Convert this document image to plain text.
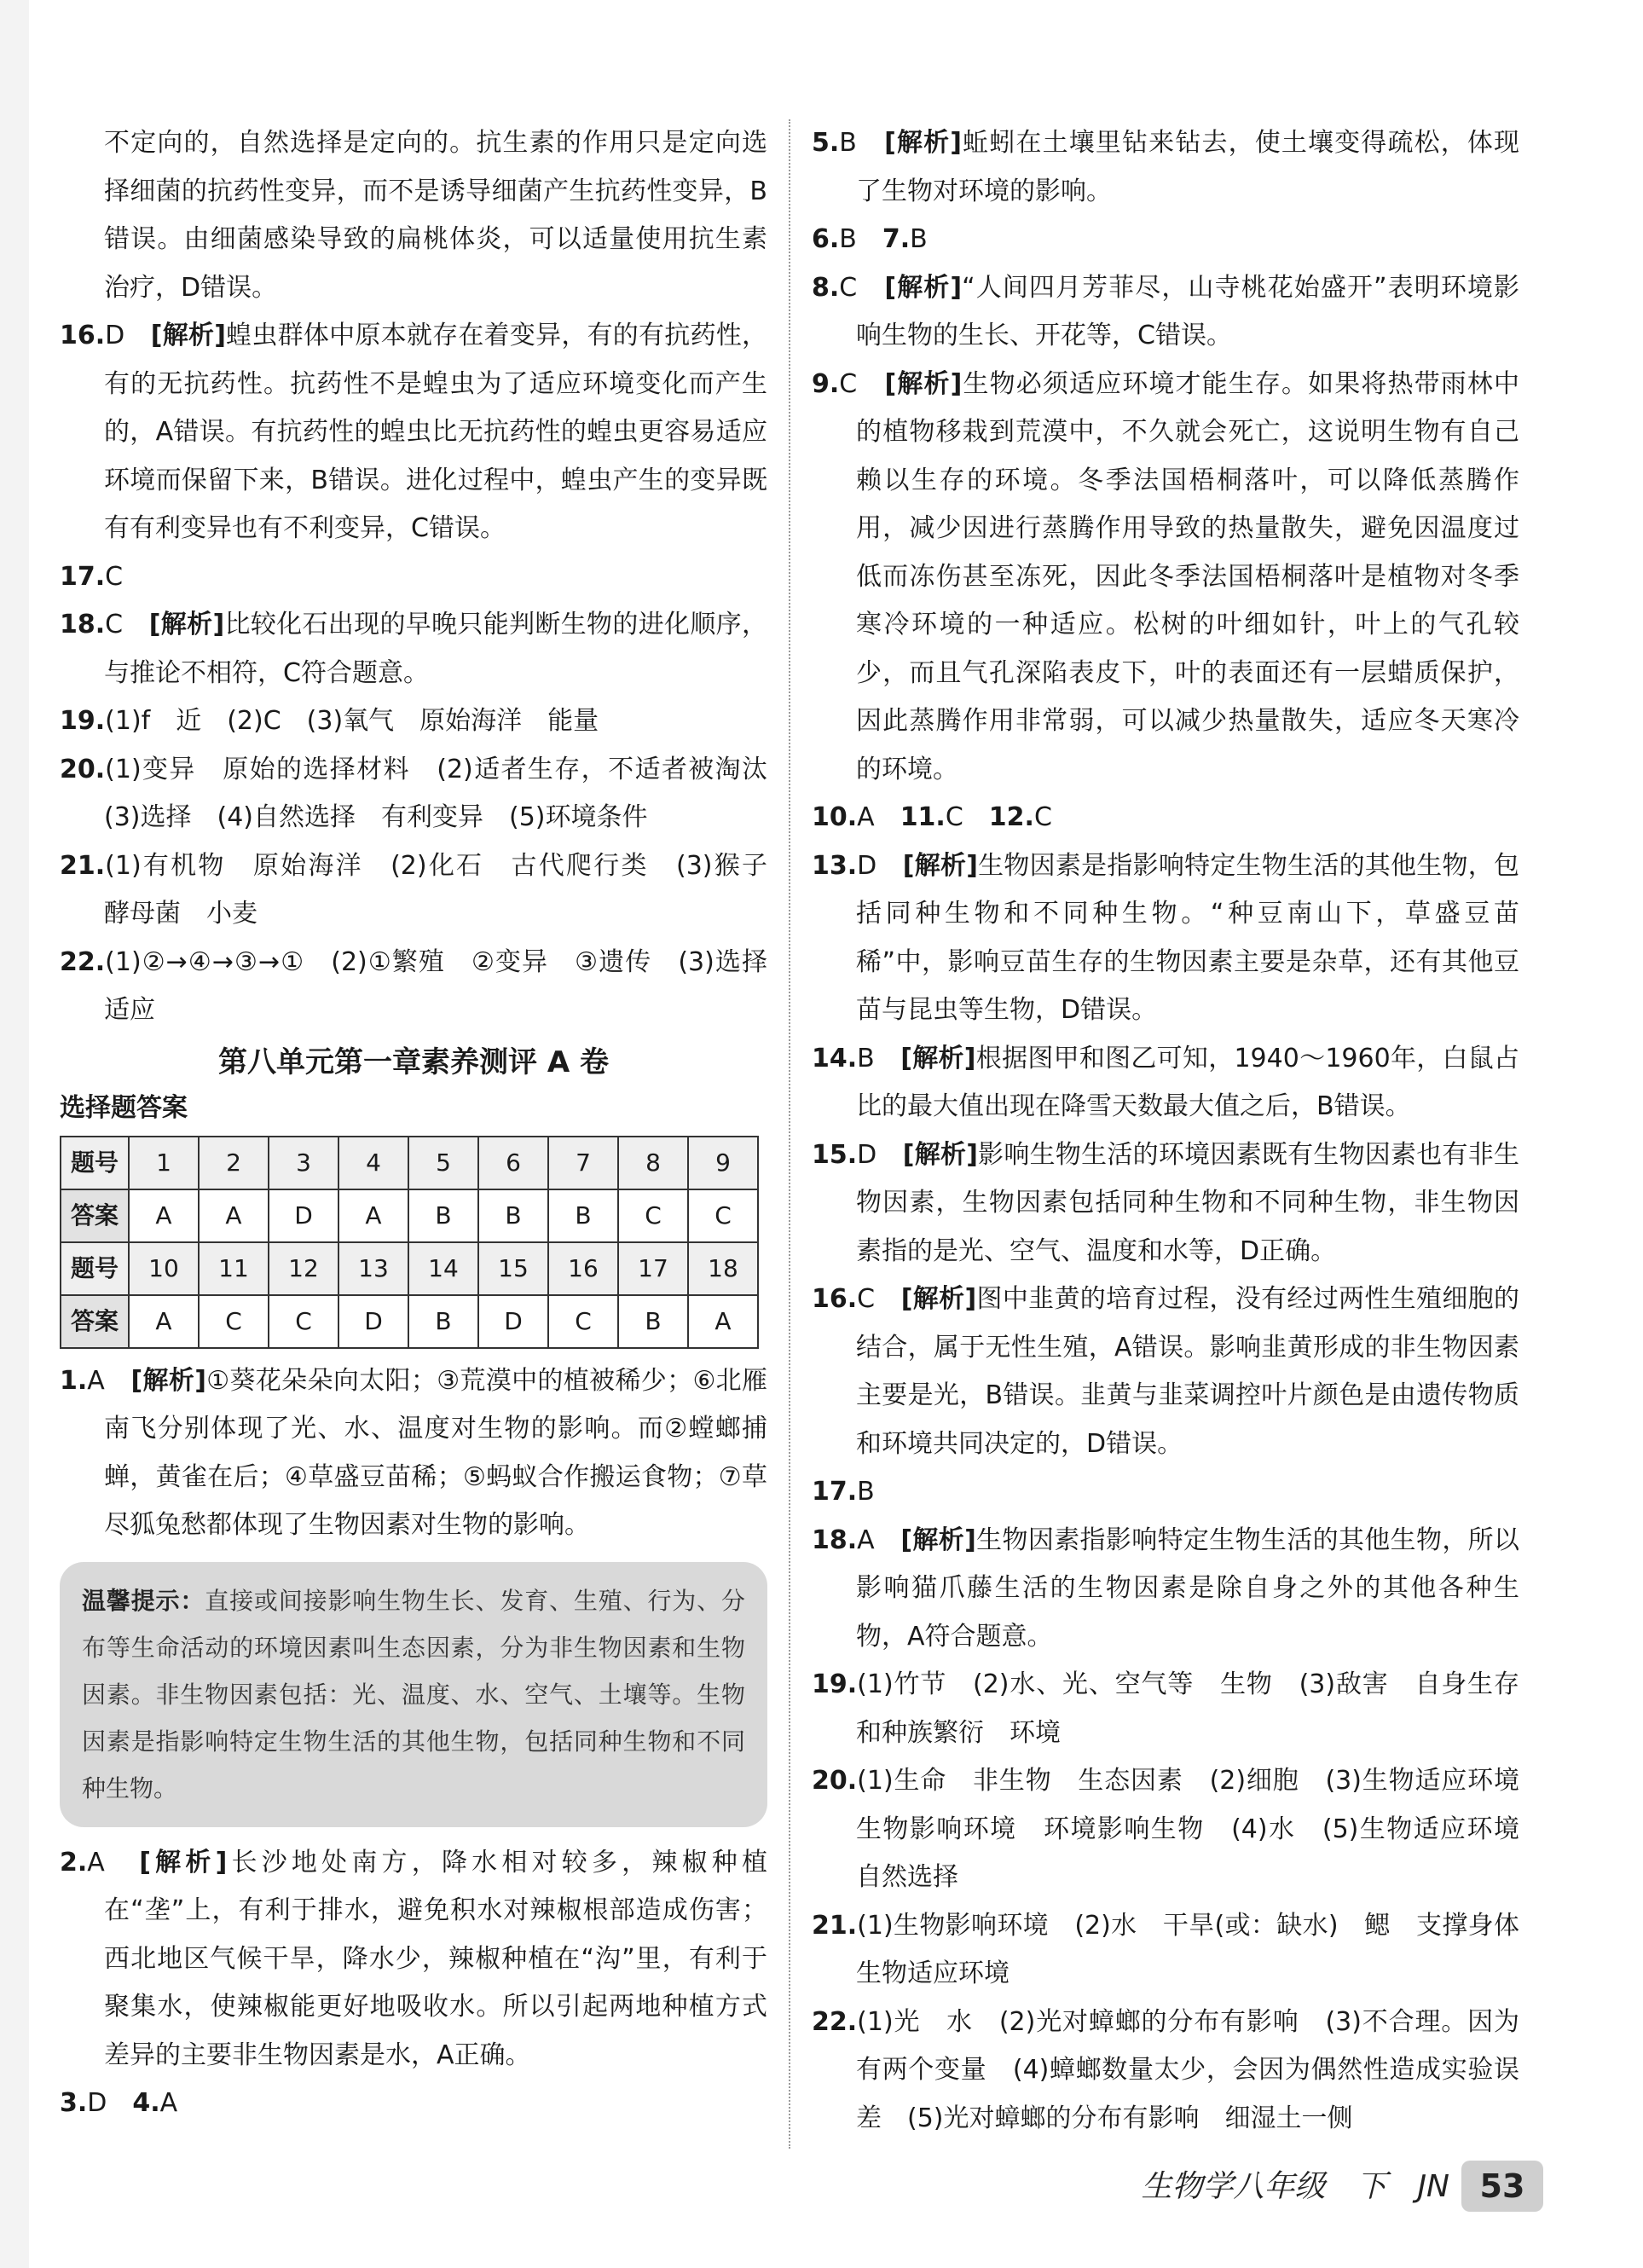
不定向的，自然选择是定向的。抗生素的作用只是定向选择细菌的抗药性变异，而不是诱导细菌产生抗药性变异，B错误。由细菌感染导致的扁桃体炎，可以适量使用抗生素治疗，D错误。

16.D　 [解析]蝗虫群体中原本就存在着变异，有的有抗药性，有的无抗药性。抗药性不是蝗虫为了适应环境变化而产生的，A错误。有抗药性的蝗虫比无抗药性的蝗虫更容易适应环境而保留下来，B错误。进化过程中，蝗虫产生的变异既有有利变异也有不利变异，C错误。

17.C

18.C　 [解析]比较化石出现的早晚只能判断生物的进化顺序，与推论不相符，C符合题意。

19.(1)f　近　(2)C　(3)氧气　原始海洋　能量

20.(1)变异　原始的选择材料　(2)适者生存，不适者被淘汰　(3)选择　(4)自然选择　有利变异　(5)环境条件

21.(1)有机物　原始海洋　(2)化石　古代爬行类　(3)猴子　酵母菌　小麦

22.(1)②→④→③→①　(2)①繁殖　②变异　③遗传　(3)选择　适应

第八单元第一章素养测评 A 卷
选择题答案
题号	1	2	3	4	5	6	7	8	9
答案	A	A	D	A	B	B	B	C	C
题号	10	11	12	13	14	15	16	17	18
答案	A	C	C	D	B	D	C	B	A

1.A　 [解析]①葵花朵朵向太阳；③荒漠中的植被稀少；⑥北雁南飞分别体现了光、水、温度对生物的影响。而②螳螂捕蝉，黄雀在后；④草盛豆苗稀；⑤蚂蚁合作搬运食物；⑦草尽狐兔愁都体现了生物因素对生物的影响。

温馨提示：直接或间接影响生物生长、发育、生殖、行为、分布等生命活动的环境因素叫生态因素，分为非生物因素和生物因素。非生物因素包括：光、温度、水、空气、土壤等。生物因素是指影响特定生物生活的其他生物，包括同种生物和不同种生物。

2.A　 [解析]长沙地处南方，降水相对较多，辣椒种植在“垄”上，有利于排水，避免积水对辣椒根部造成伤害；西北地区气候干旱，降水少，辣椒种植在“沟”里，有利于聚集水，使辣椒能更好地吸收水。所以引起两地种植方式差异的主要非生物因素是水，A正确。

3.D　 4.A

5.B　 [解析]蚯蚓在土壤里钻来钻去，使土壤变得疏松，体现了生物对环境的影响。

6.B　 7.B

8.C　 [解析]“人间四月芳菲尽，山寺桃花始盛开”表明环境影响生物的生长、开花等，C错误。

9.C　 [解析]生物必须适应环境才能生存。如果将热带雨林中的植物移栽到荒漠中，不久就会死亡，这说明生物有自己赖以生存的环境。冬季法国梧桐落叶，可以降低蒸腾作用，减少因进行蒸腾作用导致的热量散失，避免因温度过低而冻伤甚至冻死，因此冬季法国梧桐落叶是植物对冬季寒冷环境的一种适应。松树的叶细如针，叶上的气孔较少，而且气孔深陷表皮下，叶的表面还有一层蜡质保护，因此蒸腾作用非常弱，可以减少热量散失，适应冬天寒冷的环境。

10.A　 11.C　 12.C

13.D　 [解析]生物因素是指影响特定生物生活的其他生物，包括同种生物和不同种生物。“种豆南山下，草盛豆苗稀”中，影响豆苗生存的生物因素主要是杂草，还有其他豆苗与昆虫等生物，D错误。

14.B　 [解析]根据图甲和图乙可知，1940～1960年，白鼠占比的最大值出现在降雪天数最大值之后，B错误。

15.D　 [解析]影响生物生活的环境因素既有生物因素也有非生物因素，生物因素包括同种生物和不同种生物，非生物因素指的是光、空气、温度和水等，D正确。

16.C　 [解析]图中韭黄的培育过程，没有经过两性生殖细胞的结合，属于无性生殖，A错误。影响韭黄形成的非生物因素主要是光，B错误。韭黄与韭菜调控叶片颜色是由遗传物质和环境共同决定的，D错误。

17.B

18.A　 [解析]生物因素指影响特定生物生活的其他生物，所以影响猫爪藤生活的生物因素是除自身之外的其他各种生物，A符合题意。

19.(1)竹节　(2)水、光、空气等　生物　(3)敌害　自身生存和种族繁衍　环境

20.(1)生命　非生物　生态因素　(2)细胞　(3)生物适应环境　生物影响环境　环境影响生物　(4)水　(5)生物适应环境　自然选择

21.(1)生物影响环境　(2)水　干旱(或：缺水)　鳃　支撑身体　生物适应环境

22.(1)光　水　(2)光对蟑螂的分布有影响　(3)不合理。因为有两个变量　(4)蟑螂数量太少，会因为偶然性造成实验误差　(5)光对蟑螂的分布有影响　细湿土一侧

生物学八年级　下　JN 53
